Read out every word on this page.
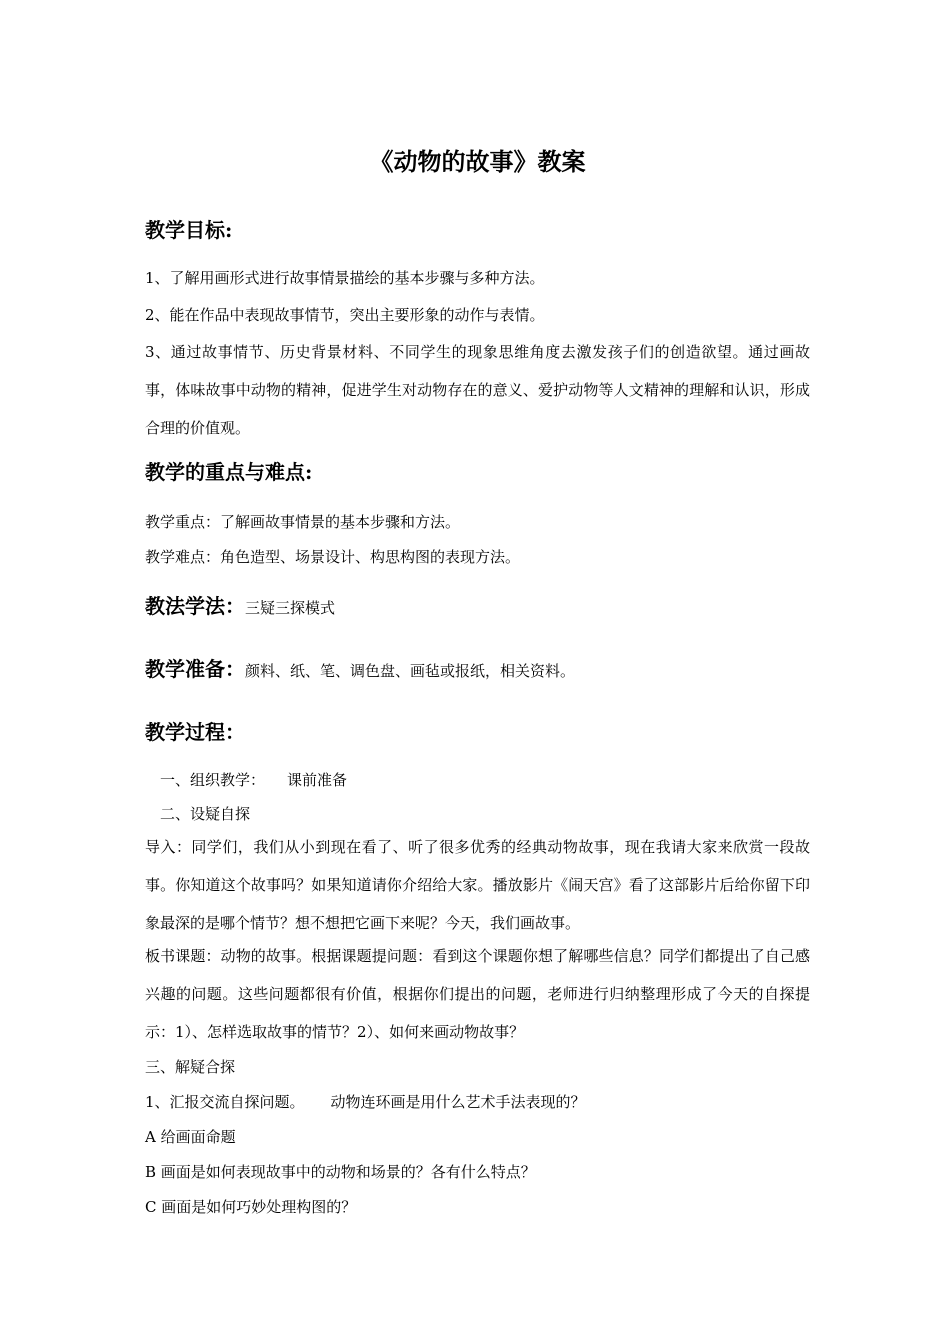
《动物的故事》教案
教学目标:
1、了解用画形式进行故事情景描绘的基本步骤与多种方法。
2、能在作品中表现故事情节，突出主要形象的动作与表情。
3、通过故事情节、历史背景材料、不同学生的现象思维角度去激发孩子们的创造欲望。通过画故事，体味故事中动物的精神，促进学生对动物存在的意义、爱护动物等人文精神的理解和认识，形成合理的价值观。
教学的重点与难点:
教学重点：了解画故事情景的基本步骤和方法。
教学难点：角色造型、场景设计、构思构图的表现方法。
教法学法：三疑三探模式
教学准备：颜料、纸、笔、调色盘、画毡或报纸，相关资料。
教学过程：
一、组织教学： 课前准备
二、设疑自探
导入：同学们，我们从小到现在看了、听了很多优秀的经典动物故事，现在我请大家来欣赏一段故事。你知道这个故事吗？如果知道请你介绍给大家。播放影片《闹天宫》看了这部影片后给你留下印象最深的是哪个情节？想不想把它画下来呢？今天，我们画故事。
板书课题：动物的故事。根据课题提问题：看到这个课题你想了解哪些信息？同学们都提出了自己感兴趣的问题。这些问题都很有价值，根据你们提出的问题，老师进行归纳整理形成了今天的自探提示：1）、怎样选取故事的情节？2）、如何来画动物故事？
三、解疑合探
1、汇报交流自探问题。 动物连环画是用什么艺术手法表现的？
A 给画面命题
B 画面是如何表现故事中的动物和场景的？各有什么特点？
C 画面是如何巧妙处理构图的？
